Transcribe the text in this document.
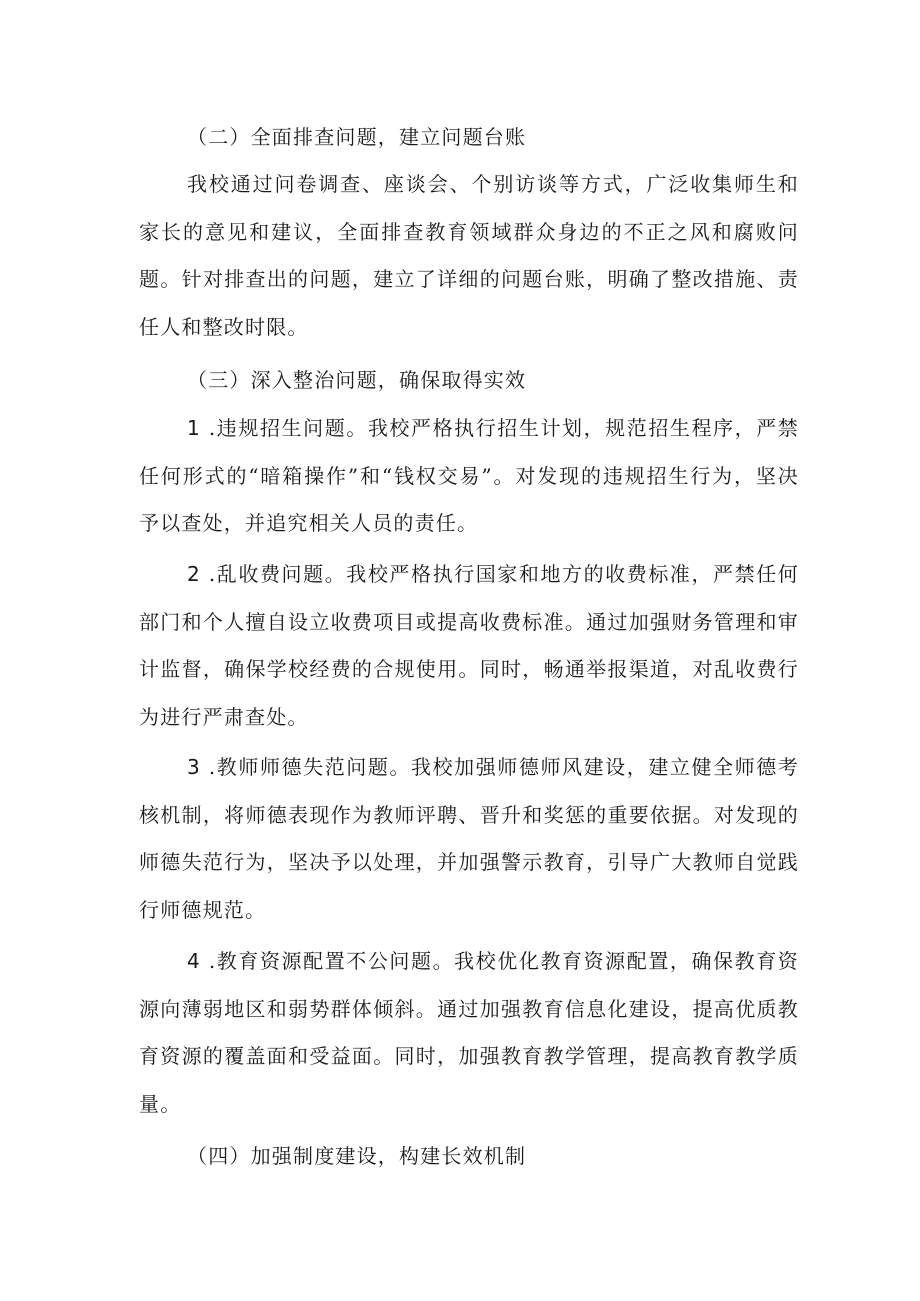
（二）全面排查问题，建立问题台账

我校通过问卷调查、座谈会、个别访谈等方式，广泛收集师生和家长的意见和建议，全面排查教育领域群众身边的不正之风和腐败问题。针对排查出的问题，建立了详细的问题台账，明确了整改措施、责任人和整改时限。

（三）深入整治问题，确保取得实效

1 .违规招生问题。我校严格执行招生计划，规范招生程序，严禁任何形式的“暗箱操作”和“钱权交易”。对发现的违规招生行为，坚决予以查处，并追究相关人员的责任。

2 .乱收费问题。我校严格执行国家和地方的收费标准，严禁任何部门和个人擅自设立收费项目或提高收费标准。通过加强财务管理和审计监督，确保学校经费的合规使用。同时，畅通举报渠道，对乱收费行为进行严肃查处。

3 .教师师德失范问题。我校加强师德师风建设，建立健全师德考核机制，将师德表现作为教师评聘、晋升和奖惩的重要依据。对发现的师德失范行为，坚决予以处理，并加强警示教育，引导广大教师自觉践行师德规范。

4 .教育资源配置不公问题。我校优化教育资源配置，确保教育资源向薄弱地区和弱势群体倾斜。通过加强教育信息化建设，提高优质教育资源的覆盖面和受益面。同时，加强教育教学管理，提高教育教学质量。

（四）加强制度建设，构建长效机制
